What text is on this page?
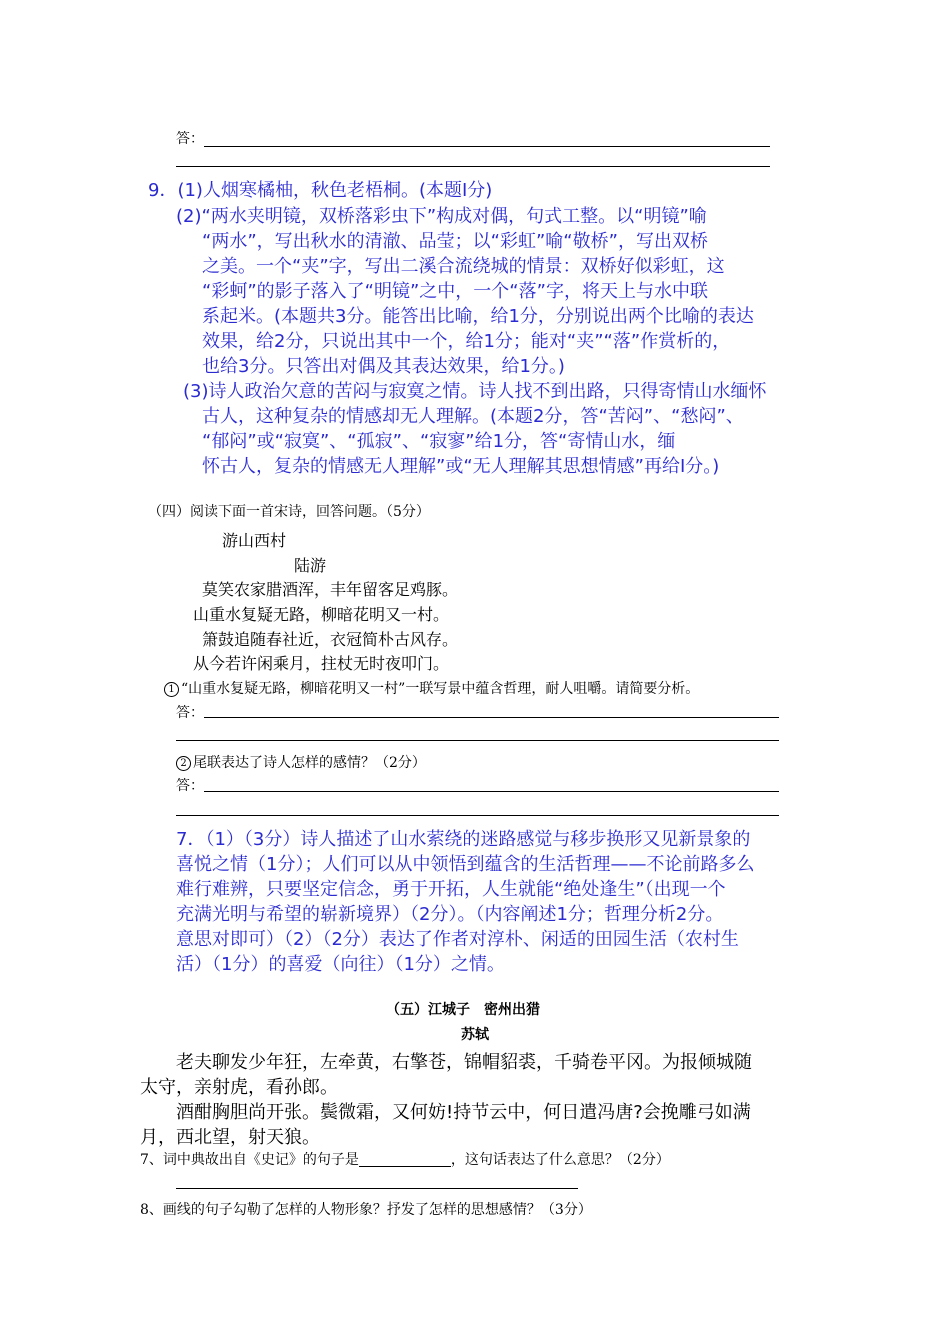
答：
9．(1)人烟寒橘柚，秋色老梧桐。(本题Ⅰ分)
(2)“两水夹明镜，双桥落彩虫下”构成对偶，句式工整。以“明镜”喻
“两水”，写出秋水的清澈、品莹；以“彩虹”喻“敬桥”，写出双桥
之美。一个“夹”字，写出二溪合流绕城的情景：双桥好似彩虹，这
“彩蚵”的影子落入了“明镜”之中，一个“落”字，将天上与水中联
系起米。(本题共3分。能答出比喻，给1分，分别说出两个比喻的表达
效果，给2分，只说出其中一个，给1分；能对“夹”“落”作赏析的，
也给3分。只答出对偶及其表达效果，给1分。)
(3)诗人政治欠意的苦闷与寂寞之情。诗人找不到出路，只得寄情山水缅怀
古人，这种复杂的情感却无人理解。(本题2分，答“苦闷”、“愁闷”、
“郁闷”或“寂寞”、“孤寂”、“寂寥”给1分，答“寄情山水，缅
怀古人，复杂的情感无人理解”或“无人理解其思想情感”再给Ⅰ分。)
（四）阅读下面一首宋诗，回答问题。（5分）
游山西村
陆游
莫笑农家腊酒浑，丰年留客足鸡豚。
山重水复疑无路，柳暗花明又一村。
箫鼓追随春社近，衣冠简朴古风存。
从今若许闲乘月，拄杖无时夜叩门。
1 “山重水复疑无路，柳暗花明又一村”一联写景中蕴含哲理，耐人咀嚼。请简要分析。
答：
2 尾联表达了诗人怎样的感情？（2分）
答：
7．（1）（3分）诗人描述了山水萦绕的迷路感觉与移步换形又见新景象的
喜悦之情（1分）；人们可以从中领悟到蕴含的生活哲理——不论前路多么
难行难辨，只要坚定信念，勇于开拓，人生就能“绝处逢生”（出现一个
充满光明与希望的崭新境界）（2分）。（内容阐述1分；哲理分析2分。
意思对即可）（2）（2分）表达了作者对淳朴、闲适的田园生活（农村生
活）（1分）的喜爱（向往）（1分）之情。
（五）江城子　密州出猎
苏轼
老夫聊发少年狂，左牵黄，右擎苍，锦帽貂裘，千骑卷平冈。为报倾城随
太守，亲射虎，看孙郎。
酒酣胸胆尚开张。鬓微霜，又何妨!持节云中，何日遣冯唐?会挽雕弓如满
月，西北望，射天狼。
7、词中典故出自《史记》的句子是	，这句话表达了什么意思？（2分）
8、画线的句子勾勒了怎样的人物形象？抒发了怎样的思想感情？（3分）
